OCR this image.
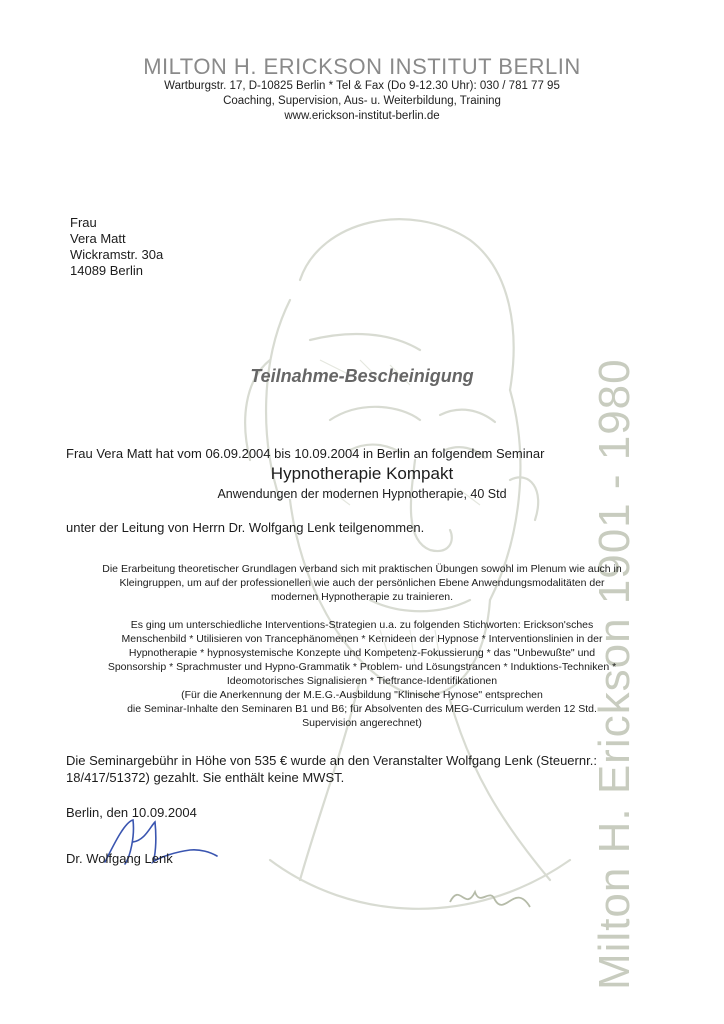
Milton H. Erickson 1901 - 1980
MILTON H. ERICKSON INSTITUT BERLIN
Wartburgstr. 17, D-10825 Berlin * Tel & Fax (Do 9-12.30 Uhr): 030 / 781 77 95
Coaching, Supervision, Aus- u. Weiterbildung, Training
www.erickson-institut-berlin.de
Frau
Vera Matt
Wickramstr. 30a
14089 Berlin
Teilnahme-Bescheinigung
Frau Vera Matt hat vom 06.09.2004 bis 10.09.2004 in Berlin an folgendem Seminar
Hypnotherapie Kompakt
Anwendungen der modernen Hypnotherapie, 40 Std
unter der Leitung von Herrn Dr. Wolfgang Lenk teilgenommen.
Die Erarbeitung theoretischer Grundlagen verband sich mit praktischen Übungen sowohl im Plenum wie auch in
Kleingruppen, um auf der professionellen wie auch der persönlichen Ebene Anwendungsmodalitäten der
modernen Hypnotherapie zu trainieren.
Es ging um unterschiedliche Interventions-Strategien u.a. zu folgenden Stichworten: Erickson'sches
Menschenbild * Utilisieren von Trancephänomenen * Kernideen der Hypnose * Interventionslinien in der
Hypnotherapie * hypnosystemische Konzepte und Kompetenz-Fokussierung * das "Unbewußte" und
Sponsorship * Sprachmuster und Hypno-Grammatik * Problem- und Lösungstrancen * Induktions-Techniken *
Ideomotorisches Signalisieren * Tieftrance-Identifikationen
(Für die Anerkennung der M.E.G.-Ausbildung "Klinische Hynose" entsprechen
die Seminar-Inhalte den Seminaren B1 und B6; für Absolventen des MEG-Curriculum werden 12 Std.
Supervision angerechnet)
Die Seminargebühr in Höhe von 535 € wurde an den Veranstalter Wolfgang Lenk (Steuernr.:
18/417/51372) gezahlt. Sie enthält keine MWST.
Berlin, den 10.09.2004
Dr. Wolfgang Lenk
